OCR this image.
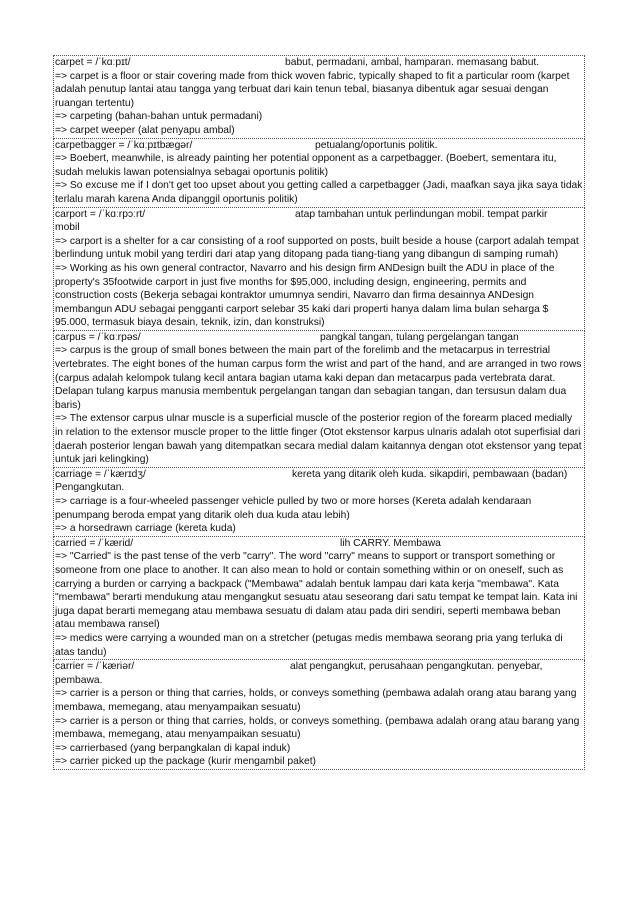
carpet = /ˈkɑːpɪt/	babut, permadani, ambal, hamparan. memasang babut.
=> carpet is a floor or stair covering made from thick woven fabric, typically shaped to fit a particular room (karpet adalah penutup lantai atau tangga yang terbuat dari kain tenun tebal, biasanya dibentuk agar sesuai dengan ruangan tertentu)
=> carpeting (bahan-bahan untuk permadani)
=> carpet weeper (alat penyapu ambal)
carpetbagger = /ˈkɑːpɪtbægər/	petualang/oportunis politik.
=> Boebert, meanwhile, is already painting her potential opponent as a carpetbagger. (Boebert, sementara itu, sudah melukis lawan potensialnya sebagai oportunis politik)
=> So excuse me if I don't get too upset about you getting called a carpetbagger (Jadi, maafkan saya jika saya tidak terlalu marah karena Anda dipanggil oportunis politik)
carport = /ˈkɑːrpɔːrt/	atap tambahan untuk perlindungan mobil. tempat parkir
mobil
=> carport is a shelter for a car consisting of a roof supported on posts, built beside a house (carport adalah tempat berlindung untuk mobil yang terdiri dari atap yang ditopang pada tiang-tiang yang dibangun di samping rumah)
=> Working as his own general contractor, Navarro and his design firm ANDesign built the ADU in place of the property's 35footwide carport in just five months for $95,000, including design, engineering, permits and construction costs (Bekerja sebagai kontraktor umumnya sendiri, Navarro dan firma desainnya ANDesign membangun ADU sebagai pengganti carport selebar 35 kaki dari properti hanya dalam lima bulan seharga $ 95.000, termasuk biaya desain, teknik, izin, dan konstruksi)
carpus = /ˈkɑːrpəs/	pangkal tangan, tulang pergelangan tangan
=> carpus is the group of small bones between the main part of the forelimb and the metacarpus in terrestrial vertebrates. The eight bones of the human carpus form the wrist and part of the hand, and are arranged in two rows (carpus adalah kelompok tulang kecil antara bagian utama kaki depan dan metacarpus pada vertebrata darat. Delapan tulang karpus manusia membentuk pergelangan tangan dan sebagian tangan, dan tersusun dalam dua baris)
=> The extensor carpus ulnar muscle is a superficial muscle of the posterior region of the forearm placed medially in relation to the extensor muscle proper to the little finger (Otot ekstensor karpus ulnaris adalah otot superfisial dari daerah posterior lengan bawah yang ditempatkan secara medial dalam kaitannya dengan otot ekstensor yang tepat untuk jari kelingking)
carriage = /ˈkærɪdʒ/	kereta yang ditarik oleh kuda. sikapdiri, pembawaan (badan)
Pengangkutan.
=> carriage is a four-wheeled passenger vehicle pulled by two or more horses (Kereta adalah kendaraan penumpang beroda empat yang ditarik oleh dua kuda atau lebih)
=> a horsedrawn carriage (kereta kuda)
carried = /ˈkærid/	lih CARRY. Membawa
=> "Carried" is the past tense of the verb "carry". The word "carry" means to support or transport something or someone from one place to another. It can also mean to hold or contain something within or on oneself, such as carrying a burden or carrying a backpack ("Membawa" adalah bentuk lampau dari kata kerja "membawa". Kata "membawa" berarti mendukung atau mengangkut sesuatu atau seseorang dari satu tempat ke tempat lain. Kata ini juga dapat berarti memegang atau membawa sesuatu di dalam atau pada diri sendiri, seperti membawa beban atau membawa ransel)
=> medics were carrying a wounded man on a stretcher (petugas medis membawa seorang pria yang terluka di atas tandu)
carrier = /ˈkæriər/	alat pengangkut, perusahaan pengangkutan. penyebar,
pembawa.
=> carrier is a person or thing that carries, holds, or conveys something (pembawa adalah orang atau barang yang membawa, memegang, atau menyampaikan sesuatu)
=> carrier is a person or thing that carries, holds, or conveys something. (pembawa adalah orang atau barang yang membawa, memegang, atau menyampaikan sesuatu)
=> carrierbased (yang berpangkalan di kapal induk)
=> carrier picked up the package (kurir mengambil paket)
